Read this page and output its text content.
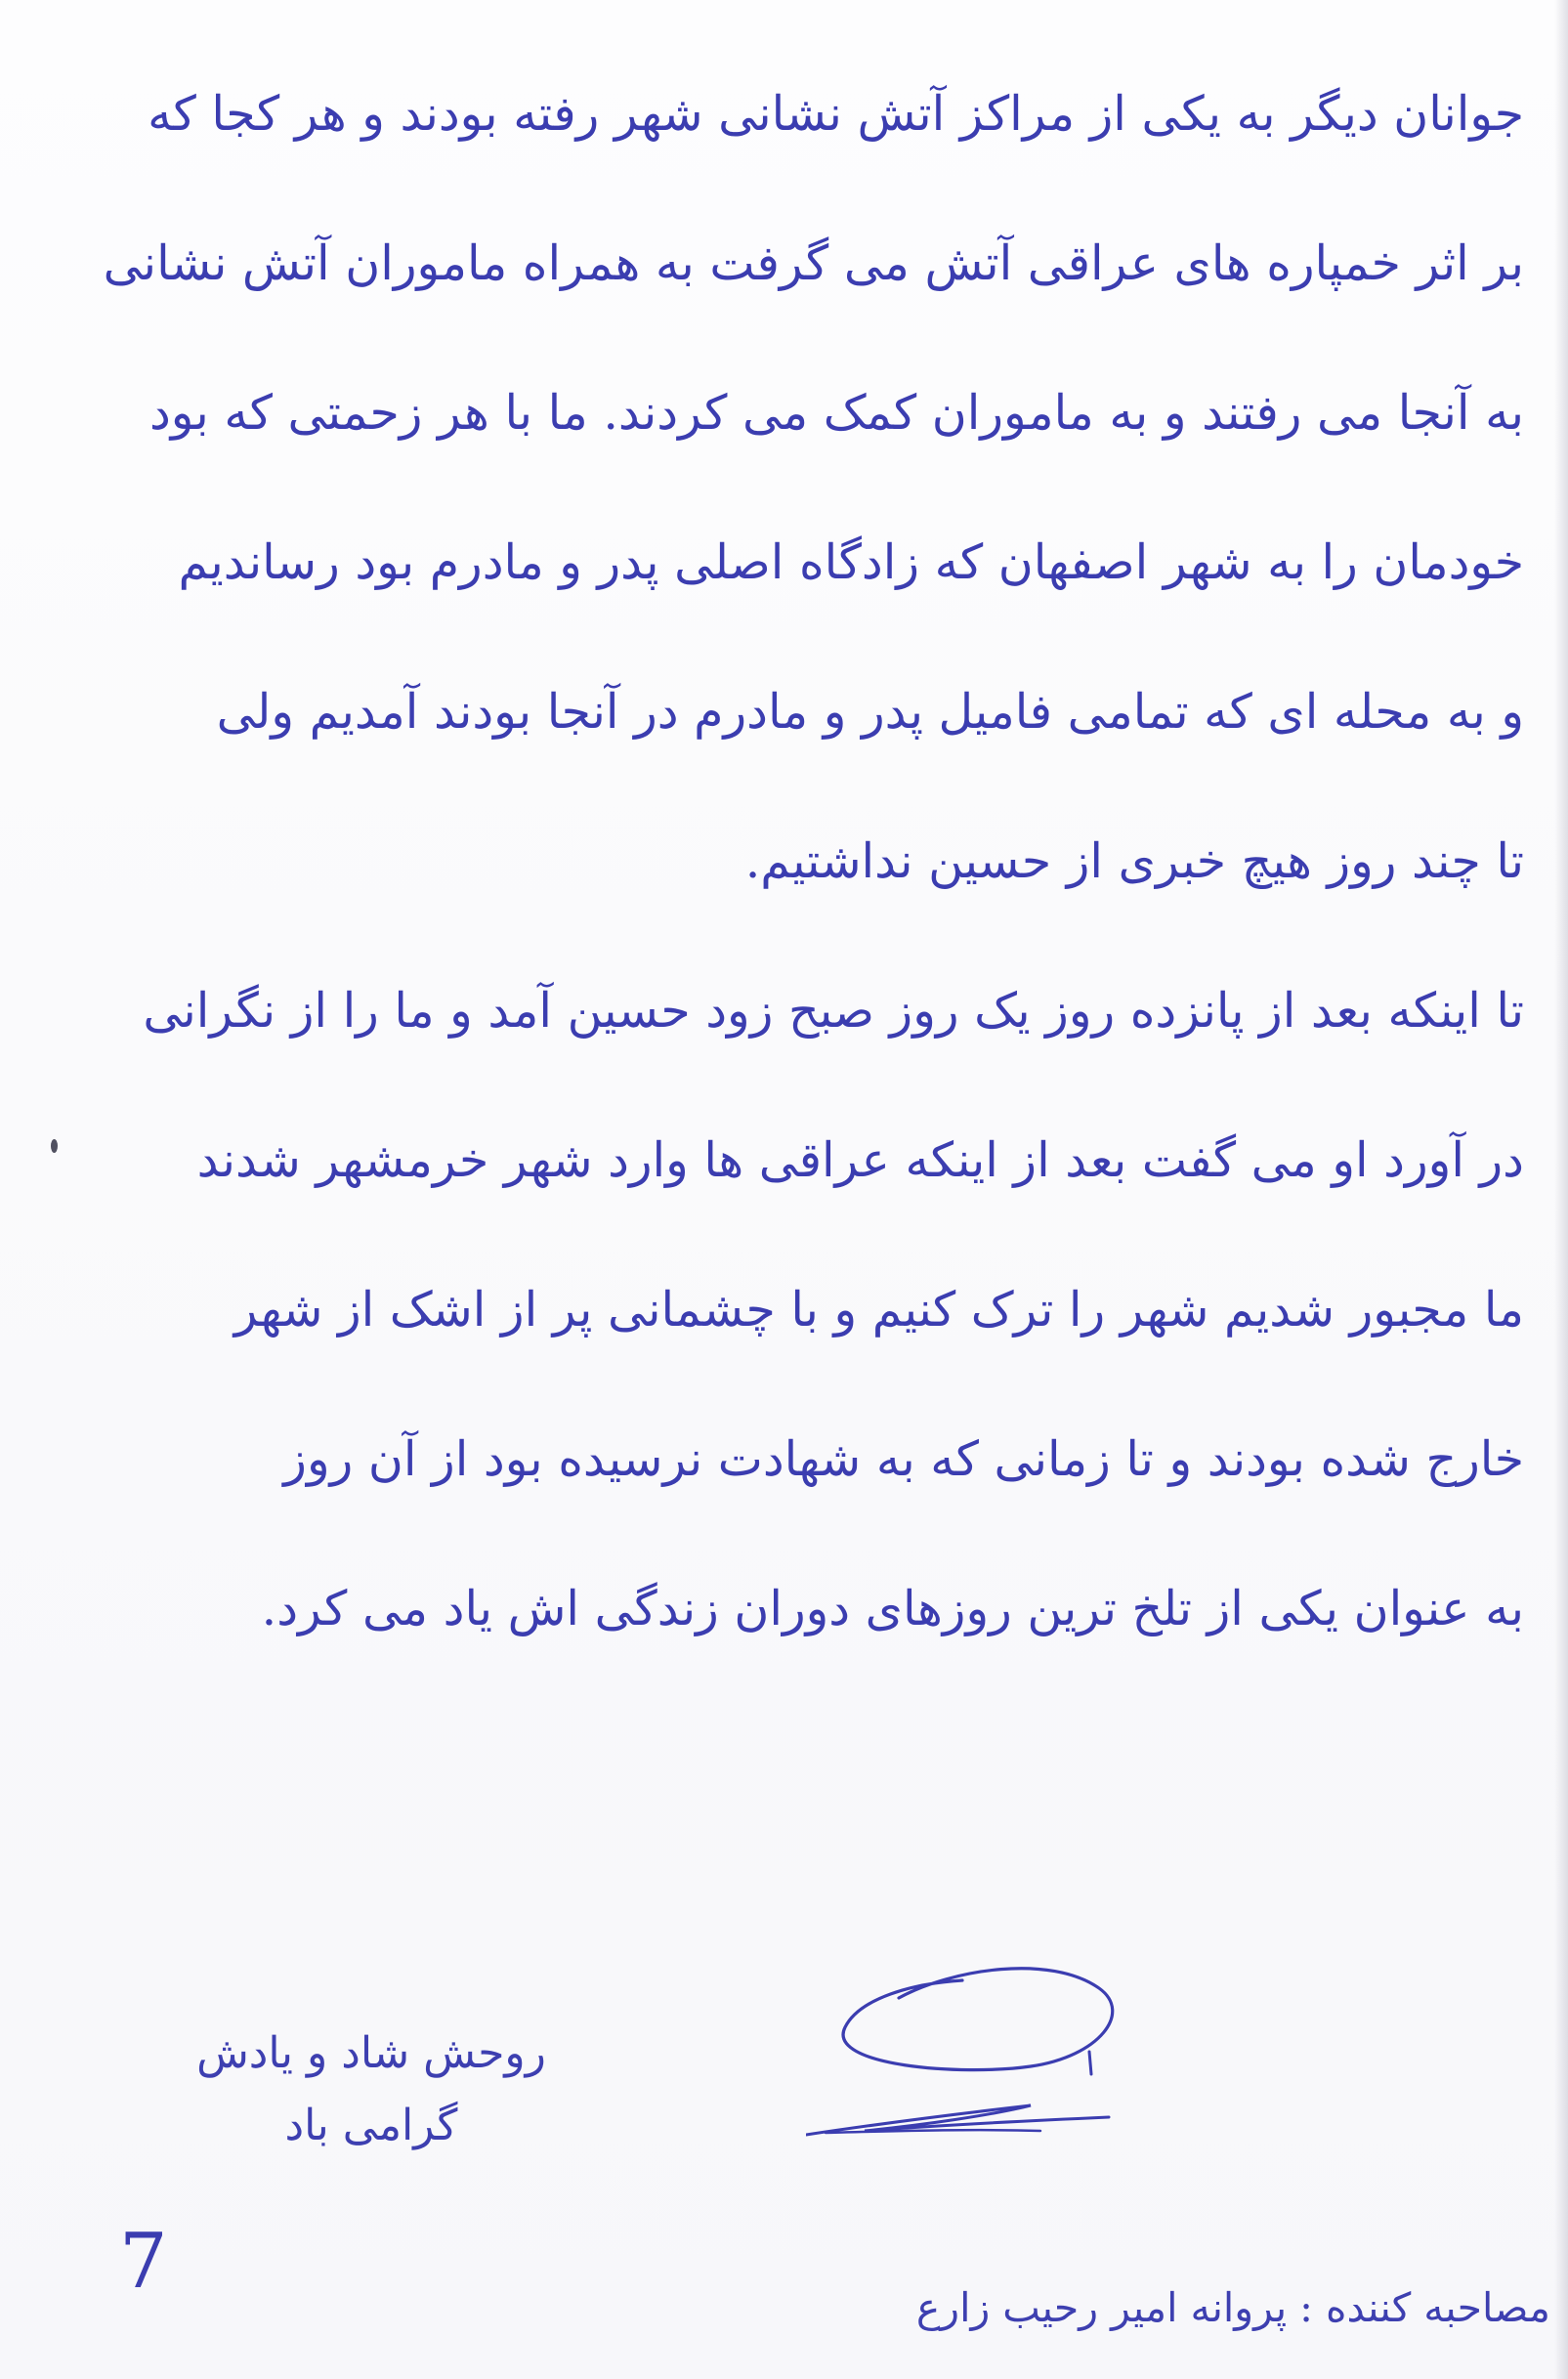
جوانان دیگر به یکی از مراکز آتش نشانی شهر رفته بودند و هر کجا که
بر اثر خمپاره های عراقی آتش می گرفت به همراه ماموران آتش نشانی
به آنجا می رفتند و به ماموران کمک می کردند. ما با هر زحمتی که بود
خودمان را به شهر اصفهان که زادگاه اصلی پدر و مادرم بود رساندیم
و به محله ای که تمامی فامیل پدر و مادرم در آنجا بودند آمدیم ولی
تا چند روز هیچ خبری از حسین نداشتیم.
تا اینکه بعد از پانزده روز یک روز صبح زود حسین آمد و ما را از نگرانی
در آورد او می گفت بعد از اینکه عراقی ها وارد شهر خرمشهر شدند
ما مجبور شدیم شهر را ترک کنیم و با چشمانی پر از اشک از شهر
خارج شده بودند و تا زمانی که به شهادت نرسیده بود از آن روز
به عنوان یکی از تلخ ترین روزهای دوران زندگی اش یاد می کرد.
روحش شاد و یادش
گرامی باد
7
مصاحبه کننده : پروانه امیر رحیب زارع
